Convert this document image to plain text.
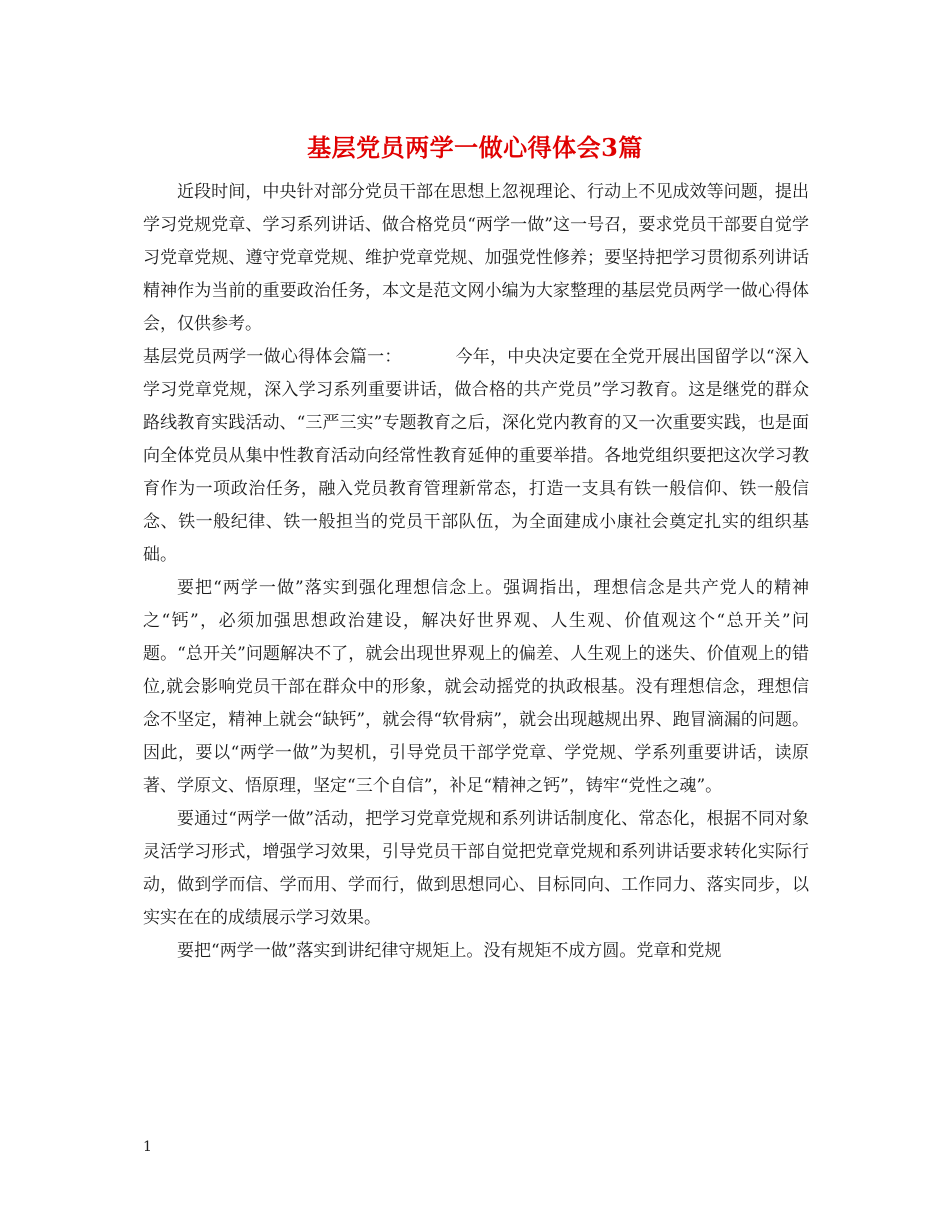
基层党员两学一做心得体会3篇

近段时间，中央针对部分党员干部在思想上忽视理论、行动上不见成效等问题，提出学习党规党章、学习系列讲话、做合格党员“两学一做”这一号召，要求党员干部要自觉学习党章党规、遵守党章党规、维护党章党规、加强党性修养；要坚持把学习贯彻系列讲话精神作为当前的重要政治任务，本文是范文网小编为大家整理的基层党员两学一做心得体会，仅供参考。

基层党员两学一做心得体会篇一：	今年，中央决定要在全党开展出国留学以“深入学习党章党规，深入学习系列重要讲话，做合格的共产党员”学习教育。这是继党的群众路线教育实践活动、“三严三实”专题教育之后，深化党内教育的又一次重要实践，也是面向全体党员从集中性教育活动向经常性教育延伸的重要举措。各地党组织要把这次学习教育作为一项政治任务，融入党员教育管理新常态，打造一支具有铁一般信仰、铁一般信念、铁一般纪律、铁一般担当的党员干部队伍，为全面建成小康社会奠定扎实的组织基础。

要把“两学一做”落实到强化理想信念上。强调指出，理想信念是共产党人的精神之“钙”，必须加强思想政治建设，解决好世界观、人生观、价值观这个“总开关”问题。“总开关”问题解决不了，就会出现世界观上的偏差、人生观上的迷失、价值观上的错位,就会影响党员干部在群众中的形象，就会动摇党的执政根基。没有理想信念，理想信念不坚定，精神上就会“缺钙”，就会得“软骨病”，就会出现越规出界、跑冒滴漏的问题。因此，要以“两学一做”为契机，引导党员干部学党章、学党规、学系列重要讲话，读原著、学原文、悟原理，坚定“三个自信”，补足“精神之钙”，铸牢“党性之魂”。

要通过“两学一做”活动，把学习党章党规和系列讲话制度化、常态化，根据不同对象灵活学习形式，增强学习效果，引导党员干部自觉把党章党规和系列讲话要求转化实际行动，做到学而信、学而用、学而行，做到思想同心、目标同向、工作同力、落实同步，以实实在在的成绩展示学习效果。

要把“两学一做”落实到讲纪律守规矩上。没有规矩不成方圆。党章和党规

1
